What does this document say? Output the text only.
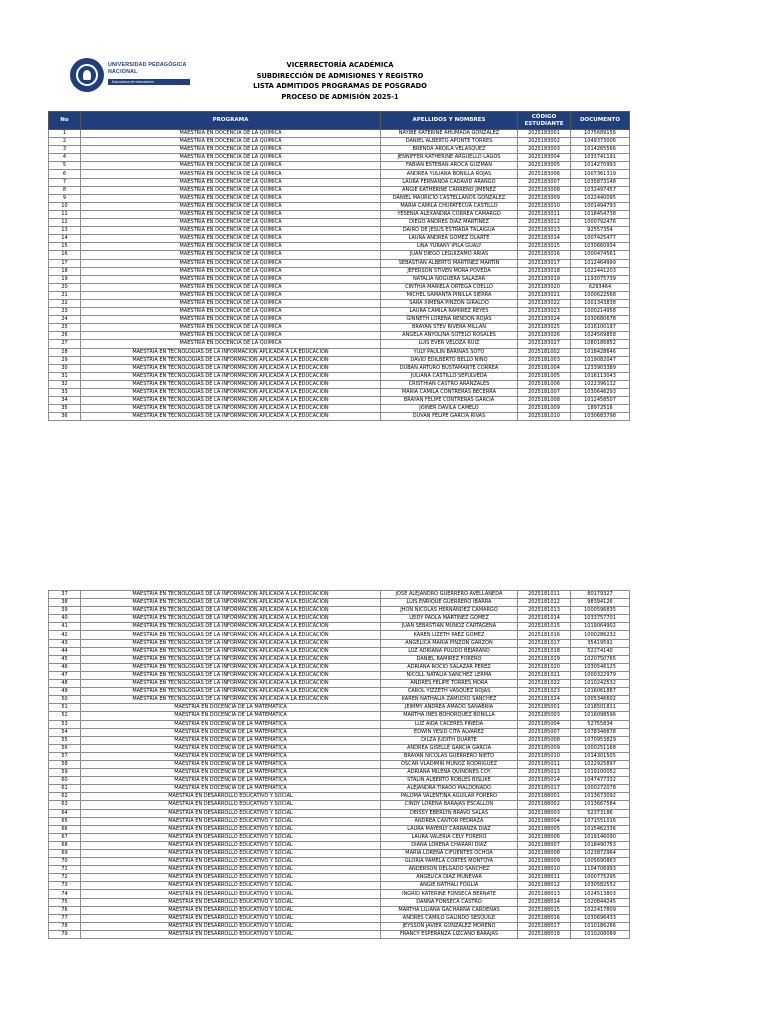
UNIVERSIDAD PEDAGÓGICA
NACIONAL
Educadora de educadores
VICERRECTORÍA ACADÉMICA
SUBDIRECCIÓN DE ADMISIONES Y REGISTRO
LISTA ADMITIDOS PROGRAMAS DE POSGRADO
PROCESO DE ADMISIÓN 2025-1
No	PROGRAMA	APELLIDOS Y NOMBRES	CÓDIGO ESTUDIANTE	DOCUMENTO
1	MAESTRÍA EN DOCENCIA DE LA QUÍMICA	NAYIBE KATERINE AHUMADA GONZALEZ	2025183001	1075689156
2	MAESTRÍA EN DOCENCIA DE LA QUÍMICA	DANIEL ALBERTO APONTE TORRES	2025183002	1049373006
3	MAESTRÍA EN DOCENCIA DE LA QUÍMICA	BRENDA ARDILA VELASQUEZ	2025183003	1014265566
4	MAESTRÍA EN DOCENCIA DE LA QUÍMICA	JENNIFFER KATHERINE ARGUELLO LAGOS	2025183004	1033741191
5	MAESTRÍA EN DOCENCIA DE LA QUÍMICA	FABIAN ESTEBAN AROCA GUZMAN	2025183005	1014270993
6	MAESTRÍA EN DOCENCIA DE LA QUÍMICA	ANDREA YULIANA BONILLA ROJAS	2025183006	1007361319
7	MAESTRÍA EN DOCENCIA DE LA QUÍMICA	LAURA FERNANDA CADAVID ARANGO	2025183007	1035873148
8	MAESTRÍA EN DOCENCIA DE LA QUÍMICA	ANGIE KATHERINE CARREÑO JIMENEZ	2025183008	1032497457
9	MAESTRÍA EN DOCENCIA DE LA QUÍMICA	DANIEL MAURICIO CASTELLANOS GONZALEZ	2025183009	1022440095
10	MAESTRÍA EN DOCENCIA DE LA QUÍMICA	MARIA CAMILA CHUPATECUA CASTILLO	2025183010	1001494793
11	MAESTRÍA EN DOCENCIA DE LA QUÍMICA	YESENIA ALEXANDRA CORREA CAMARGO	2025183011	1018454738
12	MAESTRÍA EN DOCENCIA DE LA QUÍMICA	DIEGO ANDRES DIAZ MARTINEZ	2025183012	1000792476
13	MAESTRÍA EN DOCENCIA DE LA QUÍMICA	DAIRO DE JESUS ESTRADA TALAIGUA	2025183013	92557354
14	MAESTRÍA EN DOCENCIA DE LA QUÍMICA	LAURA ANDREA GOMEZ OLARTE	2025183014	1007425477
15	MAESTRÍA EN DOCENCIA DE LA QUÍMICA	LINA YURANY IPILA GUALY	2025183015	1030660934
16	MAESTRÍA EN DOCENCIA DE LA QUÍMICA	JUAN DIEGO LEGUIZAMO ARIAS	2025183016	1000474561
17	MAESTRÍA EN DOCENCIA DE LA QUÍMICA	SEBASTIAN ALBERTO MARTINEZ MARTIN	2025183017	1012464999
18	MAESTRÍA EN DOCENCIA DE LA QUÍMICA	JEFERSON STIVEN MORA POVEDA	2025183018	1022441203
19	MAESTRÍA EN DOCENCIA DE LA QUÍMICA	NATALIA NOGUERA SALAZAR	2025183019	1193075739
20	MAESTRÍA EN DOCENCIA DE LA QUÍMICA	CINTHIA MARIELA ORTEGA COELLO	2025183020	6293464
21	MAESTRÍA EN DOCENCIA DE LA QUÍMICA	MICHEL SAMANTA PINILLA SIERRA	2025183021	1000622568
22	MAESTRÍA EN DOCENCIA DE LA QUÍMICA	SARA XIMENA PINZON GIRALDO	2025183022	1001343838
23	MAESTRÍA EN DOCENCIA DE LA QUÍMICA	LAURA CAMILA RAMIREZ REYES	2025183023	1000214958
24	MAESTRÍA EN DOCENCIA DE LA QUÍMICA	GINNETH LORENA RENDON ROJAS	2025183024	1030680678
25	MAESTRÍA EN DOCENCIA DE LA QUÍMICA	BRAYAN STEV RIVERA MILLAN	2025183025	1016100197
26	MAESTRÍA EN DOCENCIA DE LA QUÍMICA	ANGELA ANYOLINA SOTELO ROSALES	2025183026	1024569858
27	MAESTRÍA EN DOCENCIA DE LA QUÍMICA	LUIS EVER VELOZA RUIZ	2025183027	1080186852
28	MAESTRIA EN TECNOLOGIAS DE LA INFORMACIÓN APLICADA A LA EDUCACIÓN	YULY PAULIN BARINAS SOTO	2025181002	1018428646
29	MAESTRIA EN TECNOLOGIAS DE LA INFORMACIÓN APLICADA A LA EDUCACIÓN	DAVID EDILBERTO BELLO NIÑO	2025181003	1019082047
30	MAESTRIA EN TECNOLOGIAS DE LA INFORMACIÓN APLICADA A LA EDUCACIÓN	DUBAN ARTURO BUSTAMANTE CORREA	2025181004	1233903389
31	MAESTRIA EN TECNOLOGIAS DE LA INFORMACIÓN APLICADA A LA EDUCACIÓN	JULIANA CASTILLO SEPULVEDA	2025181005	1016113043
32	MAESTRIA EN TECNOLOGIAS DE LA INFORMACIÓN APLICADA A LA EDUCACIÓN	CRISTHIAN CASTRO ARANZALES	2025181006	1022396112
33	MAESTRIA EN TECNOLOGIAS DE LA INFORMACIÓN APLICADA A LA EDUCACIÓN	MARIA CAMILA CONTRERAS BECERRA	2025181007	1030646293
34	MAESTRIA EN TECNOLOGIAS DE LA INFORMACIÓN APLICADA A LA EDUCACIÓN	BRAYAN FELIPE CONTRERAS GARCIA	2025181008	1012458507
35	MAESTRIA EN TECNOLOGIAS DE LA INFORMACIÓN APLICADA A LA EDUCACIÓN	JOINER DAVILA CAMELO	2025181009	18972516
36	MAESTRIA EN TECNOLOGIAS DE LA INFORMACIÓN APLICADA A LA EDUCACIÓN	DUVAN FELIPE GARCIA RIVAS	2025181010	1030683798
37	MAESTRIA EN TECNOLOGIAS DE LA INFORMACIÓN APLICADA A LA EDUCACIÓN	JOSE ALEJANDRO GUERRERO AVELLANEDA	2025181011	80179327
38	MAESTRIA EN TECNOLOGIAS DE LA INFORMACIÓN APLICADA A LA EDUCACIÓN	LUIS ENRIQUE GUERRERO IBARRA	2025181012	98394126
39	MAESTRIA EN TECNOLOGIAS DE LA INFORMACIÓN APLICADA A LA EDUCACIÓN	JHON NICOLAS HERNANDEZ CAMARGO	2025181013	1000596835
40	MAESTRIA EN TECNOLOGIAS DE LA INFORMACIÓN APLICADA A LA EDUCACIÓN	LEIDY PAOLA MARTINEZ GOMEZ	2025181014	1033757701
41	MAESTRIA EN TECNOLOGIAS DE LA INFORMACIÓN APLICADA A LA EDUCACIÓN	JUAN SEBASTIAN MUÑOZ CARTAGENA	2025181015	1019064902
42	MAESTRIA EN TECNOLOGIAS DE LA INFORMACIÓN APLICADA A LA EDUCACIÓN	KAREN LIZETH PAEZ GOMEZ	2025181016	1000286232
43	MAESTRIA EN TECNOLOGIAS DE LA INFORMACIÓN APLICADA A LA EDUCACIÓN	ANGELICA MARIA PINZON GARZON	2025181017	35419591
44	MAESTRIA EN TECNOLOGIAS DE LA INFORMACIÓN APLICADA A LA EDUCACIÓN	LUZ ADRIANA PULIDO BEJARANO	2025181018	52274140
45	MAESTRIA EN TECNOLOGIAS DE LA INFORMACIÓN APLICADA A LA EDUCACIÓN	DANIEL RAMIREZ FORERO	2025181019	1020750765
46	MAESTRIA EN TECNOLOGIAS DE LA INFORMACIÓN APLICADA A LA EDUCACIÓN	ADRIANA ROCIO SALAZAR PEREZ	2025181020	1030546125
47	MAESTRIA EN TECNOLOGIAS DE LA INFORMACIÓN APLICADA A LA EDUCACIÓN	NICOLL NATALIA SANCHEZ LERMA	2025181021	1000322979
48	MAESTRIA EN TECNOLOGIAS DE LA INFORMACIÓN APLICADA A LA EDUCACIÓN	ANDRES FELIPE TORRES MORA	2025181022	1010242532
49	MAESTRIA EN TECNOLOGIAS DE LA INFORMACIÓN APLICADA A LA EDUCACIÓN	CAROL YIZZETH VASQUEZ ROJAS	2025181023	1016061887
50	MAESTRIA EN TECNOLOGIAS DE LA INFORMACIÓN APLICADA A LA EDUCACIÓN	KAREN NATHALIA ZAMUDIO SANCHEZ	2025181024	1005346602
51	MAESTRÍA EN DOCENCIA DE LA MATEMÁTICA	JEIMMY ANDREA AMADO SANABRIA	2025185001	1018501811
52	MAESTRÍA EN DOCENCIA DE LA MATEMÁTICA	MARTHA INES BOHORQUEZ BONILLA	2025185003	1016098596
53	MAESTRÍA EN DOCENCIA DE LA MATEMÁTICA	LUZ AIDA CACERES PINEDA	2025185004	52755834
54	MAESTRÍA EN DOCENCIA DE LA MATEMÁTICA	EDWIN YESID CITA ALVAREZ	2025185007	1078348878
55	MAESTRÍA EN DOCENCIA DE LA MATEMÁTICA	DILZA JUDITH DUARTE	2025185008	1070953829
56	MAESTRÍA EN DOCENCIA DE LA MATEMÁTICA	ANDREA GISELLE GARCIA GARCIA	2025185009	1000251168
57	MAESTRÍA EN DOCENCIA DE LA MATEMÁTICA	BRAYAN NICOLAS GUERRERO NIETO	2025185010	1014301505
58	MAESTRÍA EN DOCENCIA DE LA MATEMÁTICA	OSCAR VLADIMIR MUÑOZ RODRIGUEZ	2025185011	1022925897
59	MAESTRÍA EN DOCENCIA DE LA MATEMÁTICA	ADRIANA MILENA QUIÑONES COY	2025185013	1019100052
60	MAESTRÍA EN DOCENCIA DE LA MATEMÁTICA	STALIN ALBERTO ROBLES BISLIKE	2025185014	1047477332
61	MAESTRÍA EN DOCENCIA DE LA MATEMÁTICA	ALEJANDRA TIRADO MALDONADO	2025185017	1000272078
62	MAESTRÍA EN DESARROLLO EDUCATIVO Y SOCIAL	PALOMA VALENTINA AGUILAR FORERO	2025188001	1013673092
63	MAESTRÍA EN DESARROLLO EDUCATIVO Y SOCIAL	CINDY LORENA BARAJAS ESCALLON	2025188002	1013667584
64	MAESTRÍA EN DESARROLLO EDUCATIVO Y SOCIAL	DEISSY EBERLYN BRAVO SALAS	2025188003	52373186
65	MAESTRÍA EN DESARROLLO EDUCATIVO Y SOCIAL	ANDREA CANTOR PEDRAZA	2025188004	1071551016
66	MAESTRÍA EN DESARROLLO EDUCATIVO Y SOCIAL	LAURA MAYERLY CARRANZA DIAZ	2025188005	1015462336
67	MAESTRÍA EN DESARROLLO EDUCATIVO Y SOCIAL	LAURA VALERIA CELY FORERO	2025188006	1019146090
68	MAESTRÍA EN DESARROLLO EDUCATIVO Y SOCIAL	DIANA LORENA CHARARI DIAZ	2025188007	1018490753
69	MAESTRÍA EN DESARROLLO EDUCATIVO Y SOCIAL	MARIA LORENA CIFUENTES OCHOA	2025188008	1023872964
70	MAESTRÍA EN DESARROLLO EDUCATIVO Y SOCIAL	GLORIA PAMELA CORTES MONTOYA	2025188009	1005690863
71	MAESTRÍA EN DESARROLLO EDUCATIVO Y SOCIAL	ANDERSON DELGADO SANCHEZ	2025188010	1104706993
72	MAESTRÍA EN DESARROLLO EDUCATIVO Y SOCIAL	ANGELICA DIAZ MUNEVAR	2025188011	1000775295
73	MAESTRÍA EN DESARROLLO EDUCATIVO Y SOCIAL	ANGIE NATHALI FOGLIA	2025188012	1030582552
74	MAESTRÍA EN DESARROLLO EDUCATIVO Y SOCIAL	INGRID KATERINE FONSECA BERNATE	2025188013	1024513803
75	MAESTRÍA EN DESARROLLO EDUCATIVO Y SOCIAL	DANNA FONSECA CASTRO	2025188014	1020844245
76	MAESTRÍA EN DESARROLLO EDUCATIVO Y SOCIAL	MARTHA LILIANA GACHARNA CARDENAS	2025188015	1022417809
77	MAESTRÍA EN DESARROLLO EDUCATIVO Y SOCIAL	ANDRES CAMILO GALINDO SESQUILE	2025188016	1030696433
78	MAESTRÍA EN DESARROLLO EDUCATIVO Y SOCIAL	JEYSSON JAVIER GONZALEZ MORENO	2025188017	1010186266
79	MAESTRÍA EN DESARROLLO EDUCATIVO Y SOCIAL	FRANCY ESPERANZA LIZCANO BARAJAS	2025188018	1010208089
